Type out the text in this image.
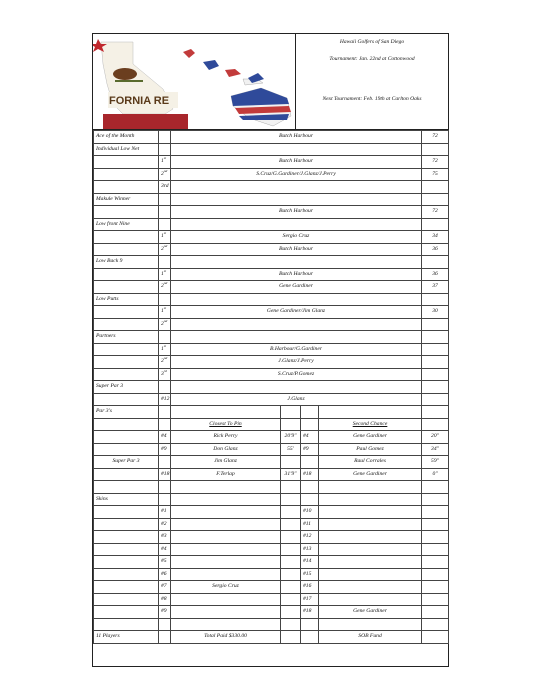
FORNIA RE
Hawaii Golfers of San Diego
Tournament: Jan. 22nd at Cottonwood
Next Tournament: Feb. 19th at Carlton Oaks
Ace of the Month		Butch Harbour				72
Individual Low Net						
	1st	Butch Harbour				72
	2nd	S.Cruz/G.Gardiner/J.Glanz/J.Perry				75
	3rd					
Makule Winner						
		Butch Harbour				72
Low front Nine						
	1st	Sergio Cruz				34
	2nd	Butch Harbour				36
Low Back 9						
	1st	Butch Harbour				36
	2nd	Gene Gardiner				37
Low Putts						
	1st	Gene Gardiner/Jim Glanz				30
	2nd		
Partners						
	1st	B.Harbour/G.Gardiner				
	2nd	J.Glanz/J.Perry				
	3rd	S.Cruz/P.Gomez				
Super Par 3						
	#12	J.Glanz				
Par 3's						
		Closest To Pin			Second Chance	
	#4	Rick Perry	20'9"	#4	Gene Gardiner	20"
	#9	Don Glanz	55'	#9	Paul Gomez	34"
Super Par 3		Jim Glanz			Raul Corrales	59"
	#18	F.Terlap	31'9"	#18	Gene Gardiner	0"

Skins						
	#1			#10		
	#2			#11		
	#3			#12		
	#4			#13		
	#5			#14		
	#6			#15		
	#7	Sergio Cruz		#16		
	#8			#17		
	#9			#18	Gene Gardiner	

11 Players		Total Paid $330.00			SOB Fund	
